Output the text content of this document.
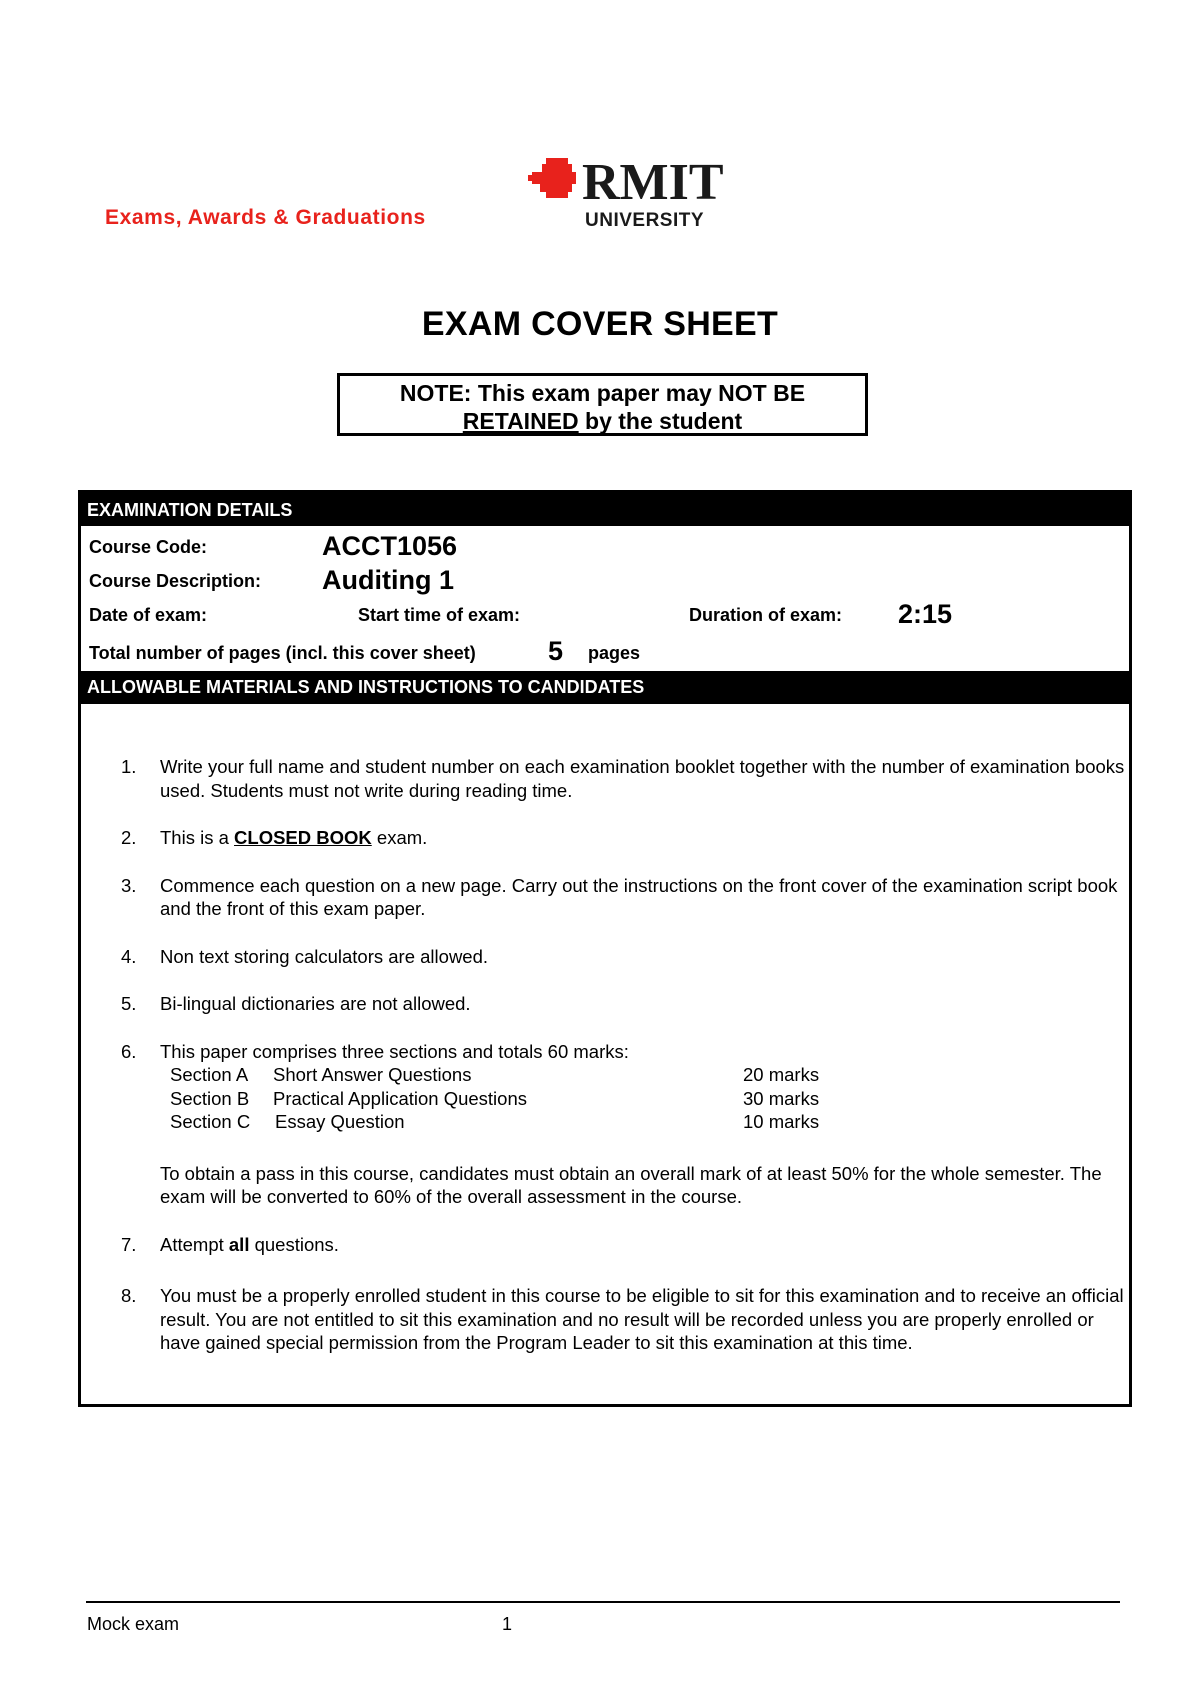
Exams, Awards & Graduations
RMIT
UNIVERSITY
EXAM COVER SHEET
NOTE: This exam paper may NOT BE
RETAINED by the student
EXAMINATION DETAILS
Course Code:	ACCT1056
Course Description: Auditing 1
Date of exam:	Start time of exam:	Duration of exam: 2:15
Total number of pages (incl. this cover sheet)	5 pages
ALLOWABLE MATERIALS AND INSTRUCTIONS TO CANDIDATES
1.	Write your full name and student number on each examination booklet together with the number of examination books used. Students must not write during reading time.
2.	This is a CLOSED BOOK exam.
3.	Commence each question on a new page. Carry out the instructions on the front cover of the examination script book and the front of this exam paper.
4.	Non text storing calculators are allowed.
5.	Bi-lingual dictionaries are not allowed.
6.	This paper comprises three sections and totals 60 marks:
Section A Short Answer Questions	20 marks
Section B Practical Application Questions	30 marks
Section C Essay Question	10 marks
To obtain a pass in this course, candidates must obtain an overall mark of at least 50% for the whole semester. The exam will be converted to 60% of the overall assessment in the course.
7.	Attempt all questions.
8.	You must be a properly enrolled student in this course to be eligible to sit for this examination and to receive an official result. You are not entitled to sit this examination and no result will be recorded unless you are properly enrolled or have gained special permission from the Program Leader to sit this examination at this time.
Mock exam	1
